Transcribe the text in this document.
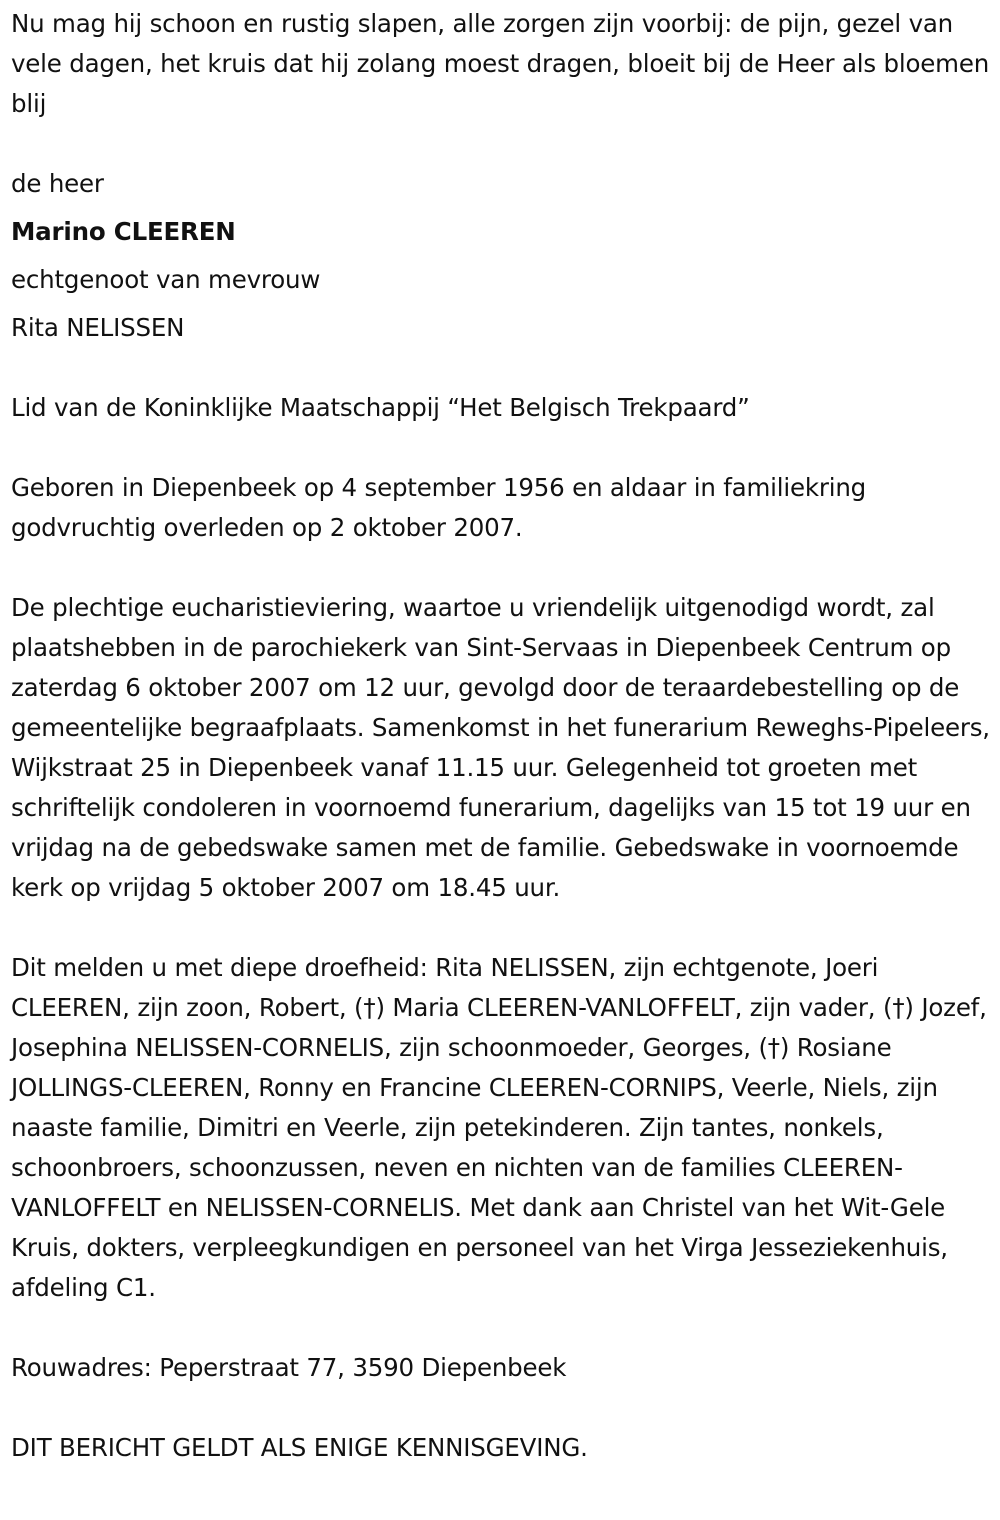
Nu mag hij schoon en rustig slapen, alle zorgen zijn voorbij: de pijn, gezel van vele dagen, het kruis dat hij zolang moest dragen, bloeit bij de Heer als bloemen blij

de heer

Marino CLEEREN

echtgenoot van mevrouw

Rita NELISSEN

Lid van de Koninklijke Maatschappij “Het Belgisch Trekpaard”

Geboren in Diepenbeek op 4 september 1956 en aldaar in familiekring godvruchtig overleden op 2 oktober 2007.

De plechtige eucharistieviering, waartoe u vriendelijk uitgenodigd wordt, zal plaatshebben in de parochiekerk van Sint-Servaas in Diepenbeek Centrum op zaterdag 6 oktober 2007 om 12 uur, gevolgd door de teraardebestelling op de gemeentelijke begraafplaats. Samenkomst in het funerarium Reweghs-Pipeleers, Wijkstraat 25 in Diepenbeek vanaf 11.15 uur. Gelegenheid tot groeten met schriftelijk condoleren in voornoemd funerarium, dagelijks van 15 tot 19 uur en vrijdag na de gebedswake samen met de familie. Gebedswake in voornoemde kerk op vrijdag 5 oktober 2007 om 18.45 uur.

Dit melden u met diepe droefheid: Rita NELISSEN, zijn echtgenote, Joeri CLEEREN, zijn zoon, Robert, (†) Maria CLEEREN-VANLOFFELT, zijn vader, (†) Jozef, Josephina NELISSEN-CORNELIS, zijn schoonmoeder, Georges, (†) Rosiane JOLLINGS-CLEEREN, Ronny en Francine CLEEREN-CORNIPS, Veerle, Niels, zijn naaste familie, Dimitri en Veerle, zijn petekinderen. Zijn tantes, nonkels, schoonbroers, schoonzussen, neven en nichten van de families CLEEREN-VANLOFFELT en NELISSEN-CORNELIS. Met dank aan Christel van het Wit-Gele Kruis, dokters, verpleegkundigen en personeel van het Virga Jesseziekenhuis, afdeling C1.

Rouwadres: Peperstraat 77, 3590 Diepenbeek

DIT BERICHT GELDT ALS ENIGE KENNISGEVING.
